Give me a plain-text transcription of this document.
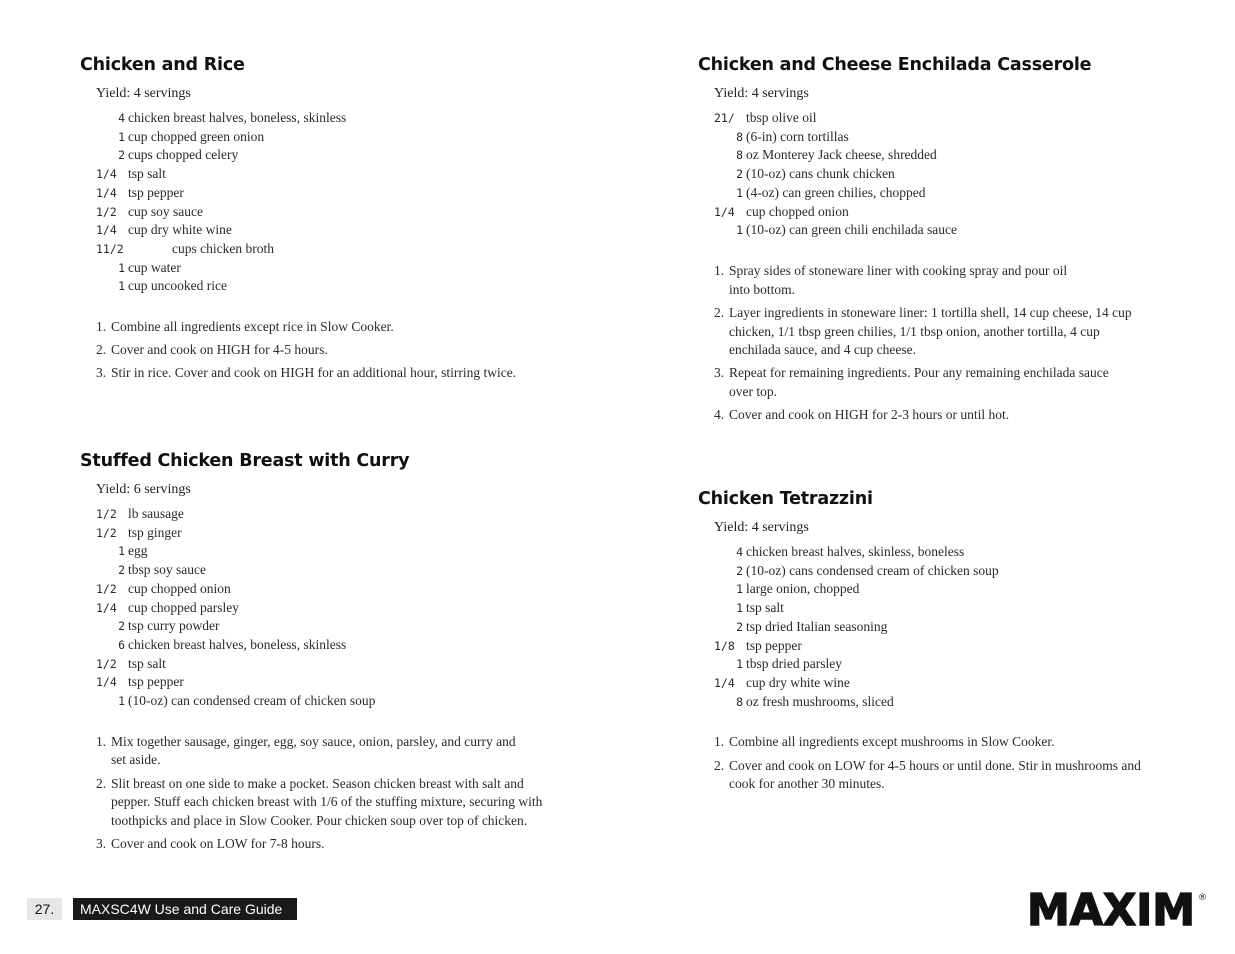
Chicken and Rice
Yield: 4 servings
4 chicken breast halves, boneless, skinless
1 cup chopped green onion
2 cups chopped celery
1/4 tsp salt
1/4 tsp pepper
1/2 cup soy sauce
1/4 cup dry white wine
11/2	cups chicken broth
1 cup water
1 cup uncooked rice
1. Combine all ingredients except rice in Slow Cooker.
2. Cover and cook on HIGH for 4-5 hours.
3. Stir in rice. Cover and cook on HIGH for an additional hour, stirring twice.
Stuffed Chicken Breast with Curry
Yield: 6 servings
1/2 lb sausage
1/2 tsp ginger
1 egg
2 tbsp soy sauce
1/2 cup chopped onion
1/4 cup chopped parsley
2 tsp curry powder
6 chicken breast halves, boneless, skinless
1/2 tsp salt
1/4 tsp pepper
1 (10-oz) can condensed cream of chicken soup
1. Mix together sausage, ginger, egg, soy sauce, onion, parsley, and curry and set aside.
2. Slit breast on one side to make a pocket. Season chicken breast with salt and pepper. Stuff each chicken breast with 1/6 of the stuffing mixture, securing with toothpicks and place in Slow Cooker. Pour chicken soup over top of chicken.
3. Cover and cook on LOW for 7-8 hours.
Chicken and Cheese Enchilada Casserole
Yield: 4 servings
21/ tbsp olive oil
8 (6-in) corn tortillas
8 oz Monterey Jack cheese, shredded
2 (10-oz) cans chunk chicken
1 (4-oz) can green chilies, chopped
1/4 cup chopped onion
1 (10-oz) can green chili enchilada sauce
1. Spray sides of stoneware liner with cooking spray and pour oil into bottom.
2. Layer ingredients in stoneware liner: 1 tortilla shell, 14 cup cheese, 14 cup chicken, 1/1 tbsp green chilies, 1/1 tbsp onion, another tortilla, 4 cup enchilada sauce, and 4 cup cheese.
3. Repeat for remaining ingredients. Pour any remaining enchilada sauce over top.
4. Cover and cook on HIGH for 2-3 hours or until hot.
Chicken Tetrazzini
Yield: 4 servings
4 chicken breast halves, skinless, boneless
2 (10-oz) cans condensed cream of chicken soup
1 large onion, chopped
1 tsp salt
2 tsp dried Italian seasoning
1/8 tsp pepper
1 tbsp dried parsley
1/4 cup dry white wine
8 oz fresh mushrooms, sliced
1. Combine all ingredients except mushrooms in Slow Cooker.
2. Cover and cook on LOW for 4-5 hours or until done. Stir in mushrooms and cook for another 30 minutes.
27.	MAXSC4W Use and Care Guide	MAXIM ®
